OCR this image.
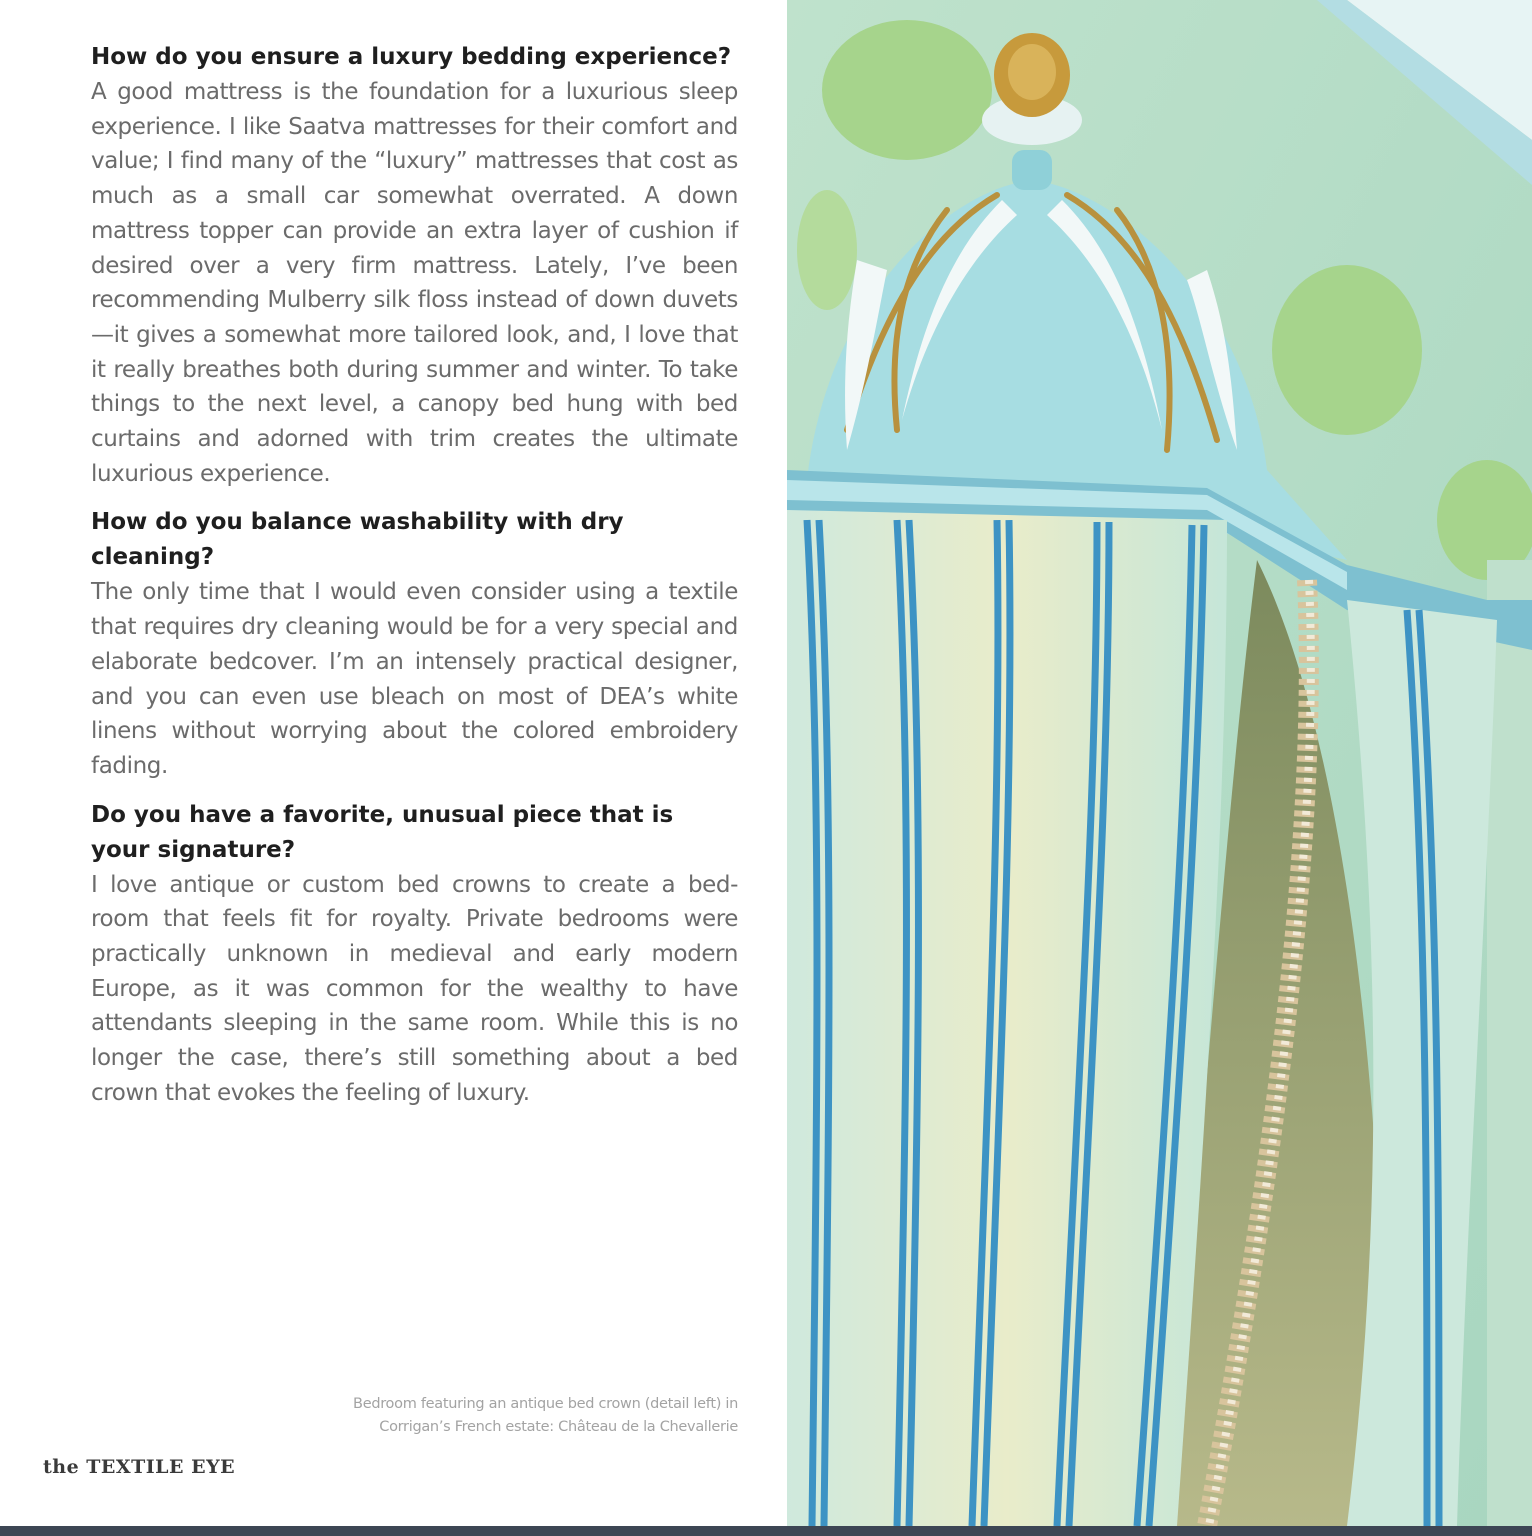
How do you ensure a luxury bedding experience?

A good mattress is the foundation for a luxurious sleep experience. I like Saatva mattresses for their comfort and value; I find many of the “luxury” mattresses that cost as much as a small car somewhat overrated. A down mattress topper can provide an extra layer of cushion if desired over a very firm mattress. Lately, I’ve been recommending Mulberry silk floss instead of down duvets—it gives a somewhat more tailored look, and, I love that it really breathes both during summer and winter. To take things to the next level, a canopy bed hung with bed curtains and adorned with trim creates the ultimate luxurious experience.

How do you balance washability with dry cleaning?

The only time that I would even consider using a textile that requires dry cleaning would be for a very special and elaborate bedcover. I’m an intensely practical designer, and you can even use bleach on most of DEA’s white linens without worrying about the colored embroidery fading.

Do you have a favorite, unusual piece that is your signature?

I love antique or custom bed crowns to create a bed-room that feels fit for royalty. Private bedrooms were practically unknown in medieval and early modern Europe, as it was common for the wealthy to have attendants sleeping in the same room. While this is no longer the case, there’s still something about a bed crown that evokes the feeling of luxury.

Bedroom featuring an antique bed crown (detail left) in
Corrigan’s French estate: Château de la Chevallerie
the TEXTILE EYE
